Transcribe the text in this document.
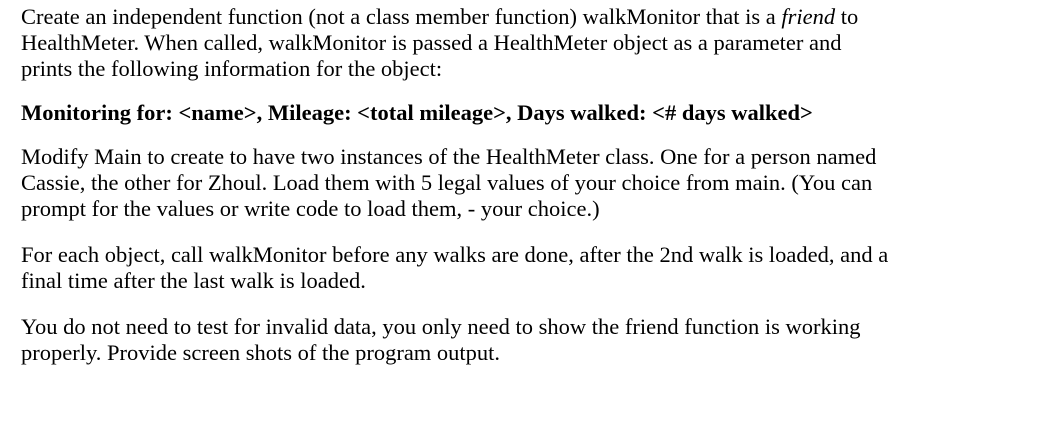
Create an independent function (not a class member function) walkMonitor that is a friend to
HealthMeter. When called, walkMonitor is passed a HealthMeter object as a parameter and
prints the following information for the object:

Monitoring for: <name>, Mileage: <total mileage>, Days walked: <# days walked>

Modify Main to create to have two instances of the HealthMeter class. One for a person named
Cassie, the other for Zhoul. Load them with 5 legal values of your choice from main. (You can
prompt for the values or write code to load them, - your choice.)

For each object, call walkMonitor before any walks are done, after the 2nd walk is loaded, and a
final time after the last walk is loaded.

You do not need to test for invalid data, you only need to show the friend function is working
properly. Provide screen shots of the program output.
